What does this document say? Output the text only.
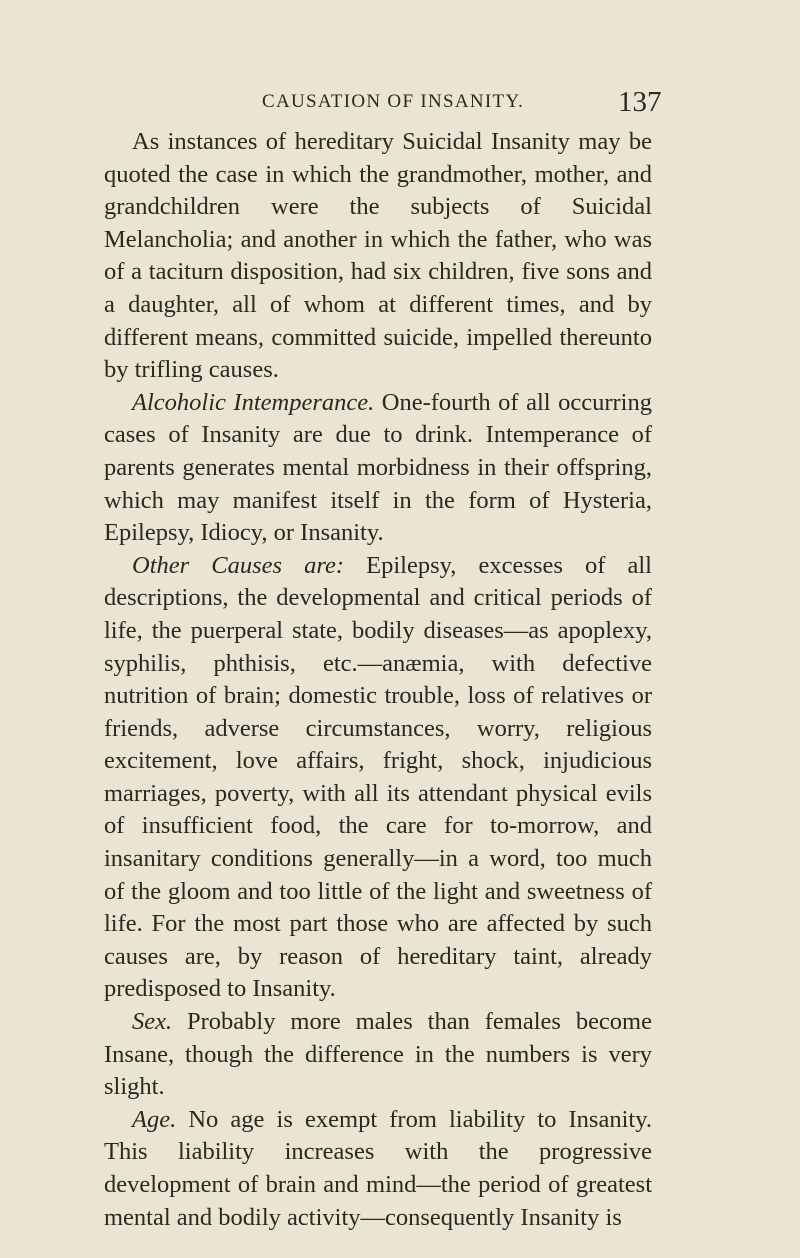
CAUSATION OF INSANITY.	137

As instances of hereditary Suicidal Insanity may be quoted the case in which the grandmother, mother, and grandchildren were the subjects of Suicidal Melancholia; and another in which the father, who was of a taciturn disposition, had six children, five sons and a daughter, all of whom at different times, and by different means, committed suicide, impelled thereunto by trifling causes.

Alcoholic Intemperance. One-fourth of all occurring cases of Insanity are due to drink. Intemperance of parents generates mental morbidness in their offspring, which may manifest itself in the form of Hysteria, Epilepsy, Idiocy, or Insanity.

Other Causes are: Epilepsy, excesses of all descriptions, the developmental and critical periods of life, the puerperal state, bodily diseases—as apoplexy, syphilis, phthisis, etc.—anæmia, with defective nutrition of brain; domestic trouble, loss of relatives or friends, adverse circumstances, worry, religious excitement, love affairs, fright, shock, injudicious marriages, poverty, with all its attendant physical evils of insufficient food, the care for to-morrow, and insanitary conditions generally—in a word, too much of the gloom and too little of the light and sweetness of life. For the most part those who are affected by such causes are, by reason of hereditary taint, already predisposed to Insanity.

Sex. Probably more males than females become Insane, though the difference in the numbers is very slight.

Age. No age is exempt from liability to Insanity. This liability increases with the progressive development of brain and mind—the period of greatest mental and bodily activity—consequently Insanity is
